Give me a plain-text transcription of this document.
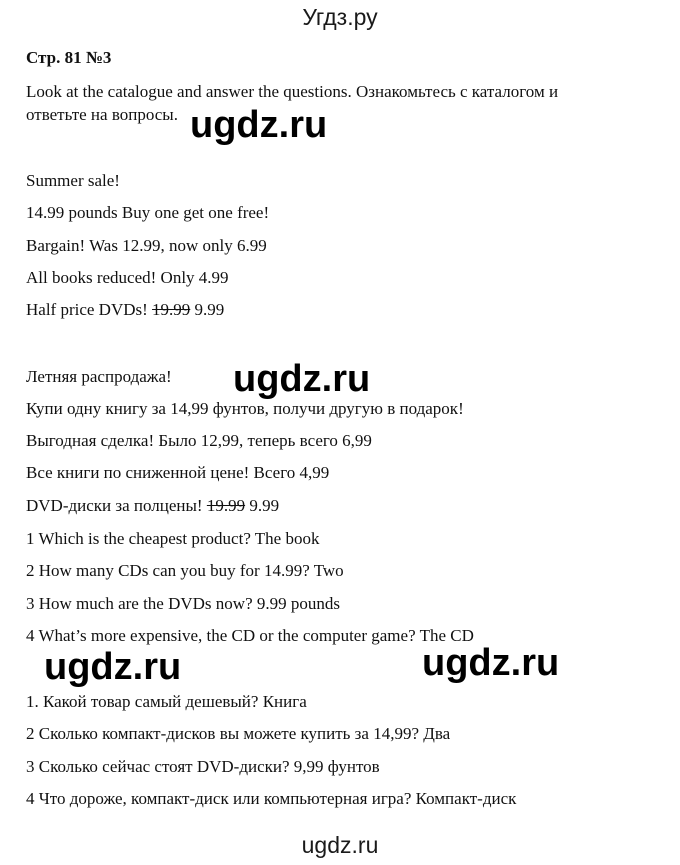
Угдз.ру
Стр. 81 №3
Look at the catalogue and answer the questions. Ознакомьтесь с каталогом и
ответьте на вопросы. ugdz.ru
Summer sale!
14.99 pounds Buy one get one free!
Bargain! Was 12.99, now only 6.99
All books reduced! Only 4.99
Half price DVDs! 19.99 9.99
ugdz.ru
Летняя распродажа!
Купи одну книгу за 14,99 фунтов, получи другую в подарок!
Выгодная сделка! Было 12,99, теперь всего 6,99
Все книги по сниженной цене! Всего 4,99
DVD-диски за полцены! 19.99 9.99
1 Which is the cheapest product? The book
2 How many CDs can you buy for 14.99? Two
3 How much are the DVDs now? 9.99 pounds
4 What’s more expensive, the CD or the computer game? The CD
ugdz.ru	ugdz.ru
1. Какой товар самый дешевый? Книга
2 Сколько компакт-дисков вы можете купить за 14,99? Два
3 Сколько сейчас стоят DVD-диски? 9,99 фунтов
4 Что дороже, компакт-диск или компьютерная игра? Компакт-диск
ugdz.ru
